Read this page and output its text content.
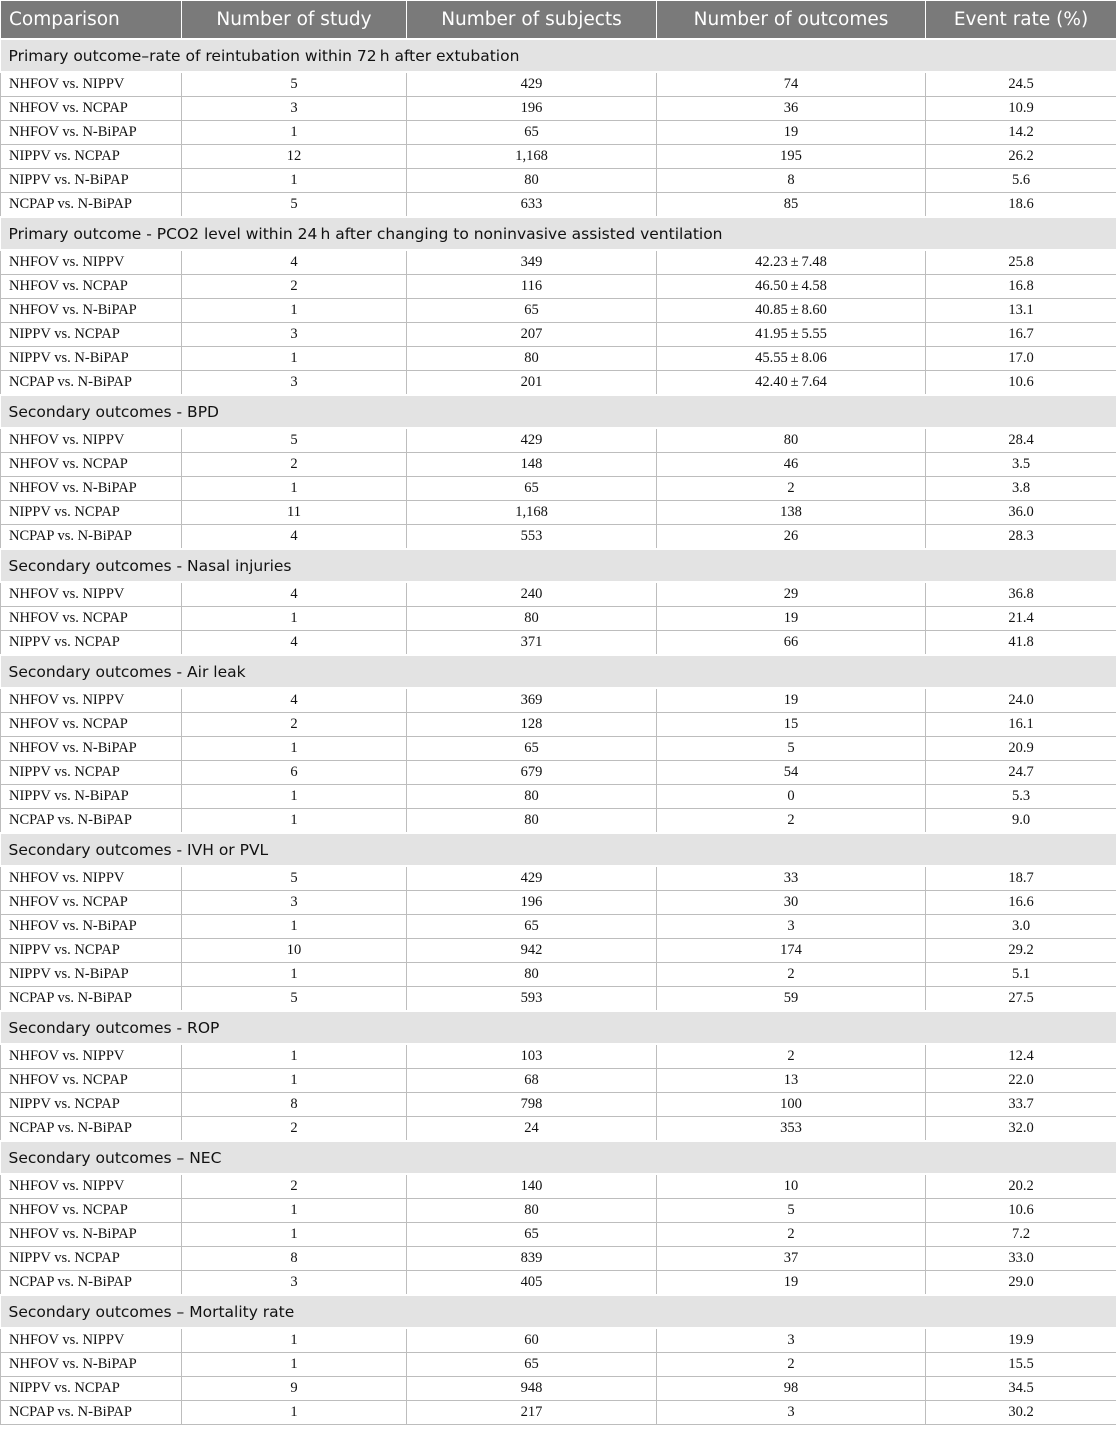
Comparison	Number of study	Number of subjects	Number of outcomes	Event rate (%)
Primary outcome–rate of reintubation within 72 h after extubation				
NHFOV vs. NIPPV	5	429	74	24.5
NHFOV vs. NCPAP	3	196	36	10.9
NHFOV vs. N-BiPAP	1	65	19	14.2
NIPPV vs. NCPAP	12	1,168	195	26.2
NIPPV vs. N-BiPAP	1	80	8	5.6
NCPAP vs. N-BiPAP	5	633	85	18.6
Primary outcome - PCO2 level within 24 h after changing to noninvasive assisted ventilation				
NHFOV vs. NIPPV	4	349	42.23 ± 7.48	25.8
NHFOV vs. NCPAP	2	116	46.50 ± 4.58	16.8
NHFOV vs. N-BiPAP	1	65	40.85 ± 8.60	13.1
NIPPV vs. NCPAP	3	207	41.95 ± 5.55	16.7
NIPPV vs. N-BiPAP	1	80	45.55 ± 8.06	17.0
NCPAP vs. N-BiPAP	3	201	42.40 ± 7.64	10.6
Secondary outcomes - BPD				
NHFOV vs. NIPPV	5	429	80	28.4
NHFOV vs. NCPAP	2	148	46	3.5
NHFOV vs. N-BiPAP	1	65	2	3.8
NIPPV vs. NCPAP	11	1,168	138	36.0
NCPAP vs. N-BiPAP	4	553	26	28.3
Secondary outcomes - Nasal injuries				
NHFOV vs. NIPPV	4	240	29	36.8
NHFOV vs. NCPAP	1	80	19	21.4
NIPPV vs. NCPAP	4	371	66	41.8
Secondary outcomes - Air leak				
NHFOV vs. NIPPV	4	369	19	24.0
NHFOV vs. NCPAP	2	128	15	16.1
NHFOV vs. N-BiPAP	1	65	5	20.9
NIPPV vs. NCPAP	6	679	54	24.7
NIPPV vs. N-BiPAP	1	80	0	5.3
NCPAP vs. N-BiPAP	1	80	2	9.0
Secondary outcomes - IVH or PVL				
NHFOV vs. NIPPV	5	429	33	18.7
NHFOV vs. NCPAP	3	196	30	16.6
NHFOV vs. N-BiPAP	1	65	3	3.0
NIPPV vs. NCPAP	10	942	174	29.2
NIPPV vs. N-BiPAP	1	80	2	5.1
NCPAP vs. N-BiPAP	5	593	59	27.5
Secondary outcomes - ROP				
NHFOV vs. NIPPV	1	103	2	12.4
NHFOV vs. NCPAP	1	68	13	22.0
NIPPV vs. NCPAP	8	798	100	33.7
NCPAP vs. N-BiPAP	2	24	353	32.0
Secondary outcomes – NEC				
NHFOV vs. NIPPV	2	140	10	20.2
NHFOV vs. NCPAP	1	80	5	10.6
NHFOV vs. N-BiPAP	1	65	2	7.2
NIPPV vs. NCPAP	8	839	37	33.0
NCPAP vs. N-BiPAP	3	405	19	29.0
Secondary outcomes – Mortality rate				
NHFOV vs. NIPPV	1	60	3	19.9
NHFOV vs. N-BiPAP	1	65	2	15.5
NIPPV vs. NCPAP	9	948	98	34.5
NCPAP vs. N-BiPAP	1	217	3	30.2
